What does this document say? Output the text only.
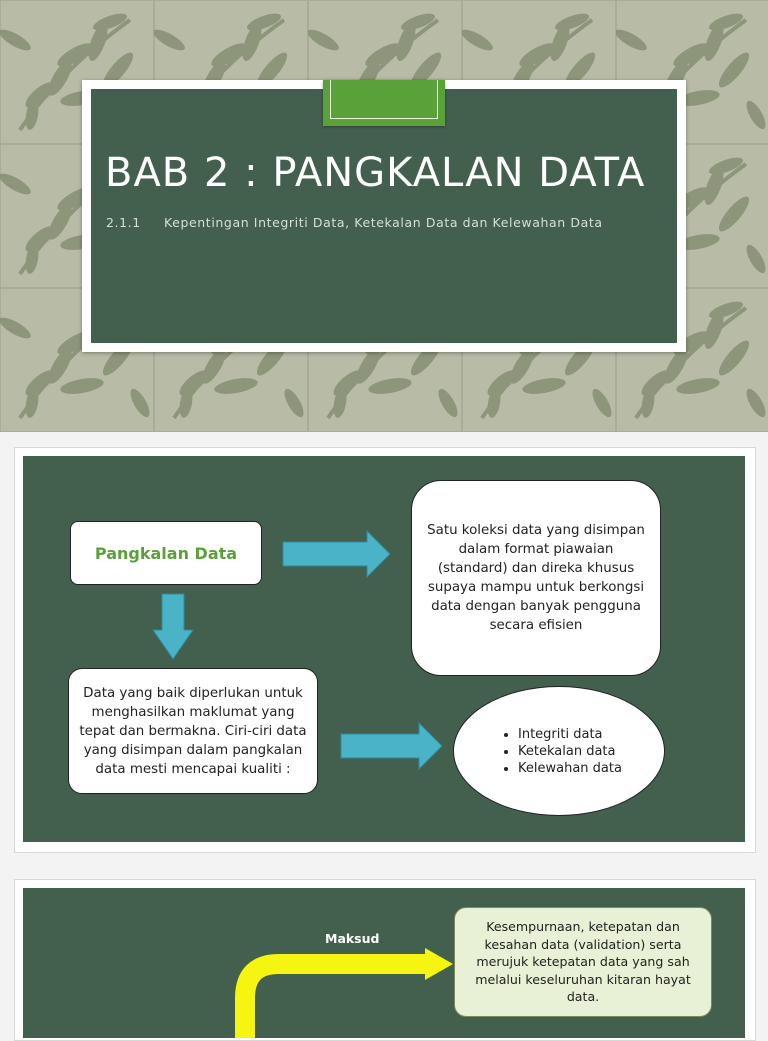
BAB 2 : PANGKALAN DATA
2.1.1 Kepentingan Integriti Data, Ketekalan Data dan Kelewahan Data
Pangkalan Data
Satu koleksi data yang disimpan dalam format piawaian (standard) dan direka khusus supaya mampu untuk berkongsi data dengan banyak pengguna secara efisien
Data yang baik diperlukan untuk menghasilkan maklumat yang tepat dan bermakna. Ciri-ciri data yang disimpan dalam pangkalan data mesti mencapai kualiti :
• Integriti data
• Ketekalan data
• Kelewahan data
Maksud
Kesempurnaan, ketepatan dan kesahan data (validation) serta merujuk ketepatan data yang sah melalui keseluruhan kitaran hayat data.
